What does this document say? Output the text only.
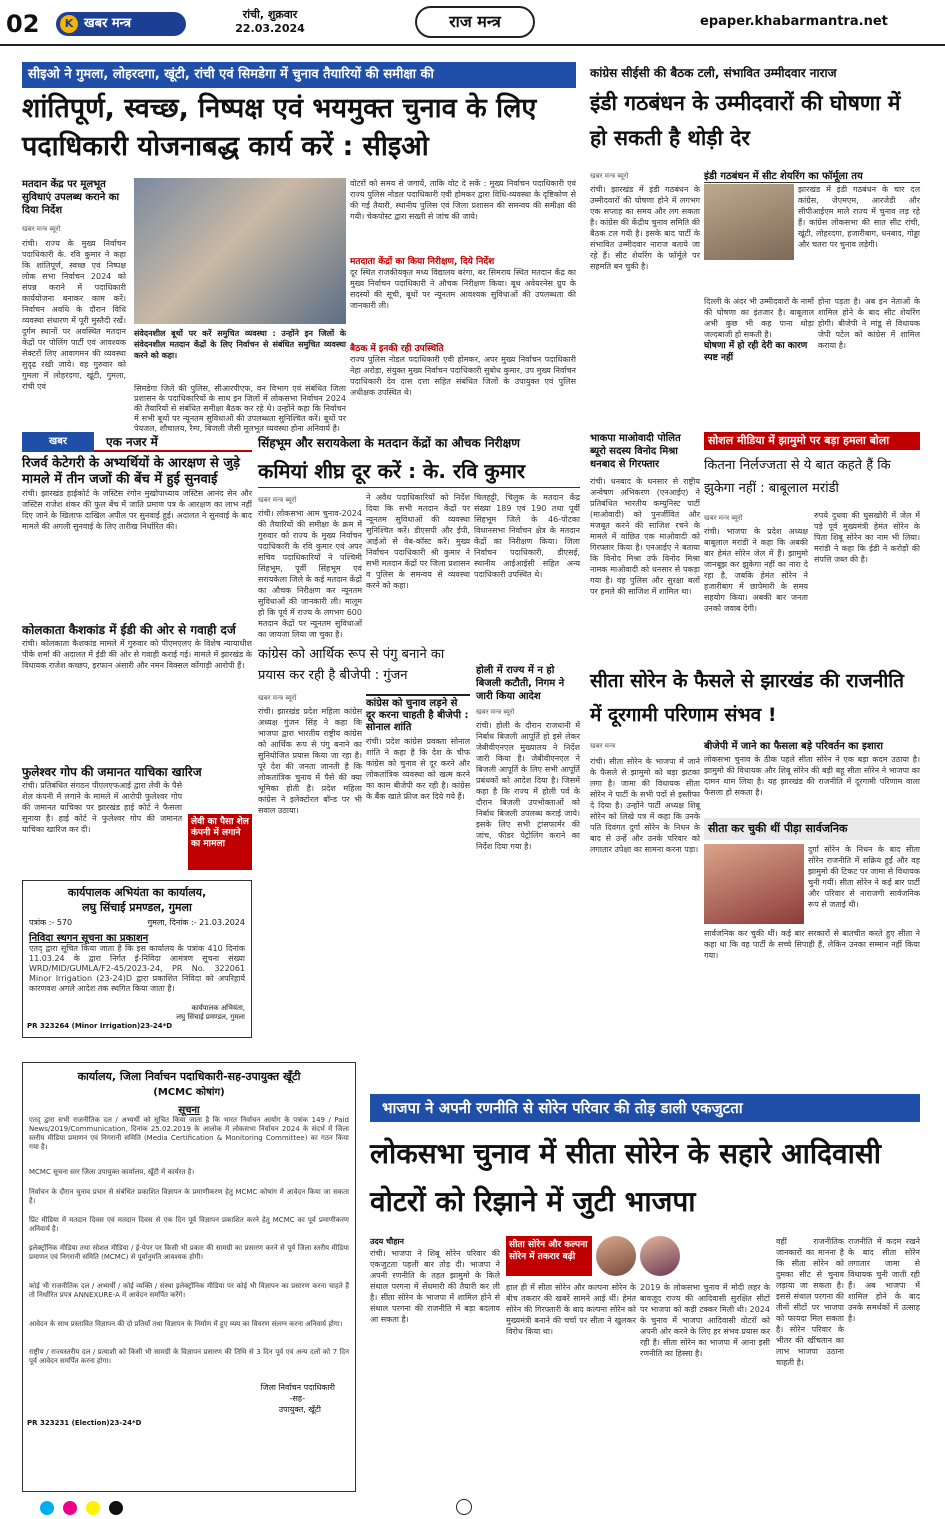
02	K खबर मन्त्र
रांची, शुक्रवार
22.03.2024	राज मन्त्र	epaper.khabarmantra.net
सीइओ ने गुमला, लोहरदगा, खूंटी, रांची एवं सिमडेगा में चुनाव तैयारियों की समीक्षा की
शांतिपूर्ण, स्वच्छ, निष्पक्ष एवं भयमुक्त चुनाव के लिए पदाधिकारी योजनाबद्ध कार्य करें : सीइओ
मतदान केंद्र पर मूलभूत सुविधाएं उपलब्ध कराने का दिया निर्देश
खबर मन्त्र ब्यूरो
रांची। राज्य के मुख्य निर्वाचन पदाधिकारी के. रवि कुमार ने कहा कि शांतिपूर्ण, स्वच्छ एवं निष्पक्ष लोक सभा निर्वाचन 2024 को संपन्न कराने में पदाधिकारी कार्ययोजना बनाकर काम करें। निर्वाचन अवधि के दौरान विधि व्यवस्था संधारण में पूरी मुस्तैदी रखें। दुर्गम स्थानों पर अवस्थित मतदान केंद्रों पर पोलिंग पार्टी एवं आवश्यक सेक्टरों लिए आवागमन की व्यवस्था सुदृढ़ रखी जाये। वह गुरुवार को गुमला में लोहरदगा, खूंटी, गुमला, रांची एवं
संवेदनशील बूथों पर करें समुचित व्यवस्था : उन्होंने इन जिलों के संवेदनशील मतदान केंद्रों के लिए निर्वाचन से संबंधित समुचित व्यवस्था करने को कहा।
सिमडेगा जिले की पुलिस, सीआरपीएफ, वन विभाग एवं संबंधित जिला प्रशासन के पदाधिकारियों के साथ इन जिलों में लोकसभा निर्वाचन 2024 की तैयारियों से संबंधित समीक्षा बैठक कर रहे थे। उन्होंने कहा कि निर्वाचन में सभी बूथों पर न्यूनतम सुविधाओं की उपलब्धता सुनिश्चित करें। बूथों पर पेयजल, शौचालय, रैम्प, बिजली जैसी मूलभूत व्यवस्था होना अनिवार्य है।
वोटरों को समय से जगायें, ताकि वोट दे सकें : मुख्य निर्वाचन पदाधिकारी एवं राज्य पुलिस नोडल पदाधिकारी एवी होमकर द्वारा विधि-व्यवस्था के दृष्टिकोण से की गई तैयारी, स्थानीय पुलिस एवं जिला प्रशासन की समन्वय की समीक्षा की गयी। चेकपोस्ट द्वारा सख्ती से जांच की जाये।
मतदाता केंद्रों का किया निरीक्षण, दिये निर्देश
दूर स्थित राजकीयकृत मध्य विद्यालय बरंगा, बर सिमराय स्थित मतदान केंद्र का मुख्य निर्वाचन पदाधिकारी ने औचक निरीक्षण किया। बूथ अवेयरनेस ग्रुप के सदस्यों की सूची, बूथों पर न्यूनतम आवश्यक सुविधाओं की उपलब्धता की जानकारी ली।
बैठक में इनकी रही उपस्थिति
राज्य पुलिस नोडल पदाधिकारी एवी होमकर, अपर मुख्य निर्वाचन पदाधिकारी नेहा अरोड़ा, संयुक्त मुख्य निर्वाचन पदाधिकारी सुबोध कुमार, उप मुख्य निर्वाचन पदाधिकारी देव दास दत्ता सहित संबंधित जिलों के उपायुक्त एवं पुलिस अधीक्षक उपस्थित थे।
कांग्रेस सीईसी की बैठक टली, संभावित उम्मीदवार नाराज
इंडी गठबंधन के उम्मीदवारों की घोषणा में हो सकती है थोड़ी देर
इंडी गठबंधन में सीट शेयरिंग का फॉर्मूला तय
खबर मन्त्र ब्यूरो
रांची। झारखंड में इंडी गठबंधन के उम्मीदवारों की घोषणा होने में लगभग एक सप्ताह का समय और लग सकता है। कांग्रेस की केंद्रीय चुनाव समिति की बैठक टल गयी है। इसके बाद पार्टी के संभावित उम्मीदवार नाराज बताये जा रहे हैं। सीट शेयरिंग के फॉर्मूले पर सहमति बन चुकी है।
झारखंड में इंडी गठबंधन के चार दल कांग्रेस, जेएमएम, आरजेडी और सीपीआईएम माले राज्य में चुनाव लड़ रहे हैं। कांग्रेस लोकसभा की सात सीट रांची, खूंटी, लोहरदगा, हजारीबाग, धनबाद, गोड्डा और चतरा पर चुनाव लड़ेगी।
दिल्ली के अंदर भी उम्मीदवारों के नामों की घोषणा का इंतजार है। बाबूलाल अभी कुछ भी कह पाना थोड़ा जल्दबाजी हो सकती है।
घोषणा में हो रही देरी का कारण स्पष्ट नहीं
होना पड़ता है। अब इन नेताओं के शामिल होने के बाद सीट शेयरिंग होगी। बीजेपी ने मांडू से विधायक जेपी पटेल को कांग्रेस में शामिल कराया है।
खबर	एक नजर में
रिजर्व केटेगरी के अभ्यर्थियों के आरक्षण से जुड़े मामले में तीन जजों की बेंच में हुई सुनवाई
रांची। झारखंड हाईकोर्ट के जस्टिस रंगोन मुखोपाध्याय जस्टिस आनंद सेन और जस्टिस राजेश शंकर की फुल बेंच में जाति प्रमाण पत्र के आरक्षण का लाभ नहीं दिए जाने के खिलाफ दाखिल अपील पर सुनवाई हुई। अदालत ने सुनवाई के बाद मामले की अगली सुनवाई के लिए तारीख निर्धारित की।
कोलकाता कैशकांड में ईडी की ओर से गवाही दर्ज
रांची। कोलकाता कैशकांड मामले में गुरुवार को पीएमएलए के विशेष न्यायाधीश पीके शर्मा की अदालत में ईडी की ओर से गवाही कराई गई। मामले में झारखंड के विधायक राजेश कच्छप, इरफान अंसारी और नमन विक्सल कोंगाड़ी आरोपी हैं।
फुलेश्वर गोप की जमानत याचिका खारिज
रांची। प्रतिबंधित संगठन पीएलएफआई द्वारा लेवी के पैसे शेल कंपनी में लगाने के मामले में आरोपी फुलेश्वर गोप की जमानत याचिका पर झारखंड हाई कोर्ट ने फैसला सुनाया है। हाई कोर्ट ने फुलेश्वर गोप की जमानत याचिका खारिज कर दी।
लेवी का पैसा शेल कंपनी में लगाने का मामला
कार्यपालक अभियंता का कार्यालय,
लघु सिंचाई प्रमण्डल, गुमला
पत्रांक :- 570	गुमला, दिनांक :- 21.03.2024
निविदा स्थगन सूचना का प्रकाशन
एतद् द्वारा सूचित किया जाता है कि इस कार्यालय के पत्रांक 410 दिनांक 11.03.24 के द्वारा निर्गत ई-निविदा आमंत्रण सूचना संख्या WRD/MID/GUMLA/F2-45/2023-24, PR No. 322061 Minor Irrigation (23-24)D द्वारा प्रकाशित निविदा को अपरिहार्य कारणवश अगले आदेश तक स्थगित किया जाता है।
कार्यपालक अभियंता,
लघु सिंचाई प्रमण्डल, गुमला
PR 323264 (Minor Irrigation)23-24*D
सिंहभूम और सरायकेला के मतदान केंद्रों का औचक निरीक्षण
कमियां शीघ्र दूर करें : के. रवि कुमार
खबर मन्त्र ब्यूरो
रांची। लोकसभा आम चुनाव-2024 की तैयारियों की समीक्षा के क्रम में गुरुवार को राज्य के मुख्य निर्वाचन पदाधिकारी के रवि कुमार एवं अपर सचिव पदाधिकारियों ने पश्चिमी सिंहभूम, पूर्वी सिंहभूम एवं सरायकेला जिले के कई मतदान केंद्रों का औचक निरीक्षण कर न्यूनतम सुविधाओं की जानकारी ली। मालूम हो कि पूर्व में राज्य के लगभग 600 मतदान केंद्रों पर न्यूनतम सुविधाओं का जायजा लिया जा चुका है।
ने अवैध पदाधिकारियों को निर्देश दिया कि सभी मतदान केंद्रों पर न्यूनतम सुविधाओं की व्यवस्था सुनिश्चित करें। डीएसपी और ईपी, आईओ से वेब-कॉस्ट करें। मुख्य निर्वाचन पदाधिकारी श्री कुमार ने सभी मतदान केंद्रों पर जिला प्रशासन व पुलिस के समन्वय से व्यवस्था करने को कहा।
चिलहट्टी, चिलुक के मतदान केंद्र संख्या 189 एवं 190 तथा पूर्वी सिंहभूम जिले के 46-पोटका विधानसभा निर्वाचन क्षेत्र के मतदान केंद्रों का निरीक्षण किया। जिला निर्वाचन पदाधिकारी, डीएसई, स्थानीय आईआईसी सहित अन्य पदाधिकारी उपस्थित थे।
कांग्रेस को आर्थिक रूप से पंगु बनाने का प्रयास कर रही है बीजेपी : गुंजन
खबर मन्त्र ब्यूरो
रांची। झारखंड प्रदेश महिला कांग्रेस अध्यक्ष गुंजन सिंह ने कहा कि भाजपा द्वारा भारतीय राष्ट्रीय कांग्रेस को आर्थिक रूप से पंगु बनाने का सुनियोजित प्रयास किया जा रहा है। पूरे देश की जनता जानती है कि लोकतांत्रिक चुनाव में पैसे की क्या भूमिका होती है। प्रदेश महिला कांग्रेस ने इलेक्टोरल बॉन्ड पर भी सवाल उठाया।
कांग्रेस को चुनाव लड़ने से दूर करना चाहती है बीजेपी : सोनाल शांति
रांची। प्रदेश कांग्रेस प्रवक्ता सोनाल शांति ने कहा है कि देश के चीफ कांग्रेस को चुनाव से दूर करने और लोकतांत्रिक व्यवस्था को खत्म करने का काम बीजेपी कर रही है। कांग्रेस के बैंक खाते फ्रीज कर दिये गये हैं।
होली में राज्य में न हो बिजली कटौती, निगम ने जारी किया आदेश
खबर मन्त्र ब्यूरो
रांची। होली के दौरान राजधानी में निर्बाध बिजली आपूर्ति हो इसे लेकर जेबीवीएनएल मुख्यालय ने निर्देश जारी किया है। जेबीवीएनएल ने बिजली आपूर्ति के लिए सभी आपूर्ति प्रबंधकों को आदेश दिया है। जिसमें कहा है कि राज्य में होली पर्व के दौरान बिजली उपभोक्ताओं को निर्बाध बिजली उपलब्ध कराई जाये। इसके लिए सभी ट्रांसफार्मर की जांच, फीडर पेट्रोलिंग कराने का निर्देश दिया गया है।
भाकपा माओवादी पोलित ब्यूरो सदस्य विनोद मिश्रा धनबाद से गिरफ्तार
रांची। धनबाद के धनसार से राष्ट्रीय अन्वेषण अभिकरण (एनआईए) ने प्रतिबंधित भारतीय कम्युनिस्ट पार्टी (माओवादी) को पुनर्जीवित और मजबूत करने की साजिश रचने के मामले में वांछित एक माओवादी को गिरफ्तार किया है। एनआईए ने बताया कि विनोद मिश्रा उर्फ विनोद मिश्रा नामक माओवादी को धनसार से पकड़ा गया है। वह पुलिस और सुरक्षा बलों पर हमले की साजिश में शामिल था।
सोशल मीडिया में झामुमो पर बड़ा हमला बोला
कितना निर्लज्जता से ये बात कहते हैं कि झुकेगा नहीं : बाबूलाल मरांडी
खबर मन्त्र ब्यूरो
रांची। भाजपा के प्रदेश अध्यक्ष बाबूलाल मरांडी ने कहा कि अबकी बार हेमंत सोरेन जेल में हैं। झामुमो जानबूझ कर झुकेगा नहीं का नारा दे रहा है, जबकि हेमंत सोरेन ने हजारीबाग में छापेमारी के समय सहयोग किया। अबकी बार जनता उनको जवाब देगी।
रुपये दुधवा की घुसखोरी में जेल में पड़े पूर्व मुख्यमंत्री हेमंत सोरेन के पिता शिबू सोरेन का नाम भी लिया। मरांडी ने कहा कि ईडी ने करोड़ों की संपत्ति जब्त की है।
सीता सोरेन के फैसले से झारखंड की राजनीति में दूरगामी परिणाम संभव !
बीजेपी में जाने का फैसला बड़े परिवर्तन का इशारा
खबर मन्त्र
लोकसभा चुनाव के ठीक पहले सीता सोरेन ने एक बड़ा कदम उठाया है। झामुमो की विधायक और शिबू सोरेन की बड़ी बहू सीता सोरेन ने भाजपा का दामन थाम लिया है। यह झारखंड की राजनीति में दूरगामी परिणाम वाला फैसला हो सकता है।
रांची। सीता सोरेन के भाजपा में जाने के फैसले से झामुमो को बड़ा झटका लगा है। जामा की विधायक सीता सोरेन ने पार्टी के सभी पदों से इस्तीफा दे दिया है। उन्होंने पार्टी अध्यक्ष शिबू सोरेन को लिखे पत्र में कहा कि उनके पति दिवंगत दुर्गा सोरेन के निधन के बाद से उन्हें और उनके परिवार को लगातार उपेक्षा का सामना करना पड़ा।
सीता कर चुकी थीं पीड़ा सार्वजनिक
दुर्गा सोरेन के निधन के बाद सीता सोरेन राजनीति में सक्रिय हुईं और वह झामुमो की टिकट पर जामा से विधायक चुनी गयीं। सीता सोरेन ने कई बार पार्टी और परिवार से नाराजगी सार्वजनिक रूप से जताई थी।
सार्वजनिक कर चुकी थीं। कई बार सरकारों से बातचीत करते हुए सीता ने कहा था कि वह पार्टी के सच्चे सिपाही हैं, लेकिन उनका सम्मान नहीं किया गया।
कार्यालय, जिला निर्वाचन पदाधिकारी-सह-उपायुक्त खूँटी
(MCMC कोषांग)
सूचना
एतद् द्वारा सभी राजनीतिक दल / अभ्यर्थी को सूचित किया जाता है कि भारत निर्वाचन आयोग के पत्रांक 149 / Paid News/2019/Communication, दिनांक 25.02.2019 के आलोक में लोकसभा निर्वाचन 2024 के संदर्भ में जिला स्तरीय मीडिया प्रमाणन एवं निगरानी समिति (Media Certification & Monitoring Committee) का गठन किया गया है।
MCMC सूचना स्तर जिला उपायुक्त कार्यालय, खूँटी में कार्यरत है।
निर्वाचन के दौरान चुनाव प्रचार से संबंधित प्रकाशित विज्ञापन के प्रमाणीकरण हेतु MCMC कोषांग में आवेदन किया जा सकता है।
प्रिंट मीडिया में मतदान दिवस एवं मतदान दिवस से एक दिन पूर्व विज्ञापन प्रकाशित करने हेतु MCMC का पूर्व प्रमाणीकरण अनिवार्य है।
इलेक्ट्रॉनिक मीडिया तथा सोशल मीडिया / ई-पेपर पर किसी भी प्रकार की सामग्री का प्रसारण करने से पूर्व जिला स्तरीय मीडिया प्रमाणन एवं निगरानी समिति (MCMC) से पूर्वानुमति आवश्यक होगी।
कोई भी राजनीतिक दल / अभ्यर्थी / कोई व्यक्ति / संस्था इलेक्ट्रॉनिक मीडिया पर कोई भी विज्ञापन का प्रसारण करना चाहते हैं तो निर्धारित प्रपत्र ANNEXURE-A में आवेदन समर्पित करेंगे।
आवेदन के साथ प्रस्तावित विज्ञापन की दो प्रतियाँ तथा विज्ञापन के निर्माण में हुए व्यय का विवरण संलग्न करना अनिवार्य होगा।
राष्ट्रीय / राज्यस्तरीय दल / प्रत्याशी को किसी भी सामग्री के विज्ञापन प्रसारण की तिथि से 3 दिन पूर्व एवं अन्य दलों को 7 दिन पूर्व आवेदन समर्पित करना होगा।
जिला निर्वाचन पदाधिकारी
-सह-
उपायुक्त, खूँटी
PR 323231 (Election)23-24*D
भाजपा ने अपनी रणनीति से सोरेन परिवार की तोड़ डाली एकजुटता
लोकसभा चुनाव में सीता सोरेन के सहारे आदिवासी वोटरों को रिझाने में जुटी भाजपा
उदय चौहान
रांची। भाजपा ने शिबू सोरेन परिवार की एकजुटता पहली बार तोड़ दी। भाजपा ने अपनी रणनीति के तहत झामुमो के किले संथाल परगना में सेंधमारी की तैयारी कर ली है। सीता सोरेन के भाजपा में शामिल होने से संथाल परगना की राजनीति में बड़ा बदलाव आ सकता है।
सीता सोरेन और कल्पना सोरेन में तकरार बढ़ी
हाल ही में सीता सोरेन और कल्पना सोरेन के बीच तकरार की खबरें सामने आई थीं। हेमंत सोरेन की गिरफ्तारी के बाद कल्पना सोरेन को मुख्यमंत्री बनाने की चर्चा पर सीता ने खुलकर विरोध किया था।
2019 के लोकसभा चुनाव में मोदी लहर के बावजूद राज्य की आदिवासी सुरक्षित सीटों पर भाजपा को कड़ी टक्कर मिली थी। 2024 के चुनाव में भाजपा आदिवासी वोटरों को अपनी ओर करने के लिए हर संभव प्रयास कर रही है। सीता सोरेन का भाजपा में आना इसी रणनीति का हिस्सा है।
वहीं राजनीतिक जानकारों का मानना है कि सीता सोरेन को दुमका सीट से चुनाव लड़ाया जा सकता है। इससे संथाल परगना की तीनों सीटों पर भाजपा को फायदा मिल सकता है। सोरेन परिवार के भीतर की खींचतान का लाभ भाजपा उठाना चाहती है।
राजनीति में कदम रखने के बाद सीता सोरेन लगातार जामा से विधायक चुनी जाती रही हैं। अब भाजपा में शामिल होने के बाद उनके समर्थकों में उत्साह है।
